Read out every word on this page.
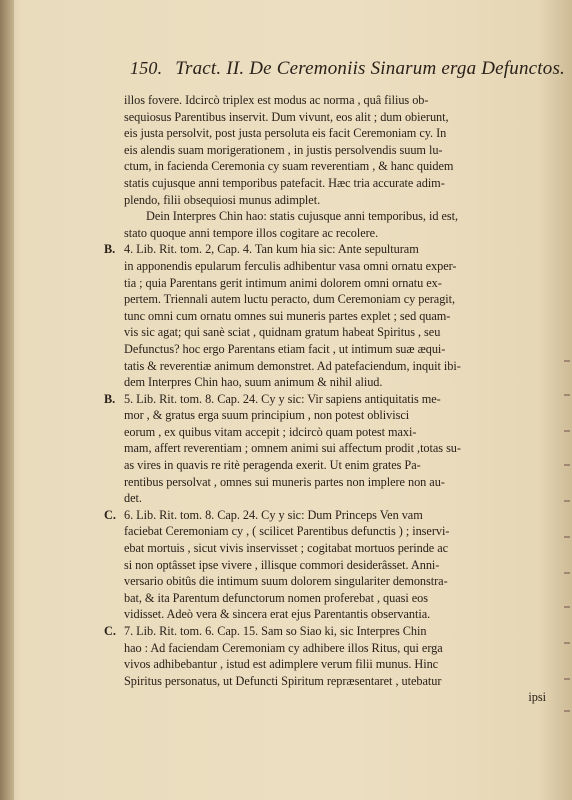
150. Tract. II. De Ceremoniis Sinarum erga Defunctos.
illos fovere. Idcircò triplex est modus ac norma , quâ filius ob-
sequiosus Parentibus inservit. Dum vivunt, eos alit ; dum obierunt,
eis justa persolvit, post justa persoluta eis facit Ceremoniam cy. In
eis alendis suam morigerationem , in justis persolvendis suum lu-
ctum, in facienda Ceremonia cy suam reverentiam , & hanc quidem
statis cujusque anni temporibus patefacit. Hæc tria accurate adim-
plendo, filii obsequiosi munus adimplet.
Dein Interpres Chin hao: statis cujusque anni temporibus, id est,
stato quoque anni tempore illos cogitare ac recolere.
B. 4. Lib. Rit. tom. 2, Cap. 4. Tan kum hia sic: Ante sepulturam
in apponendis epularum ferculis adhibentur vasa omni ornatu exper-
tia ; quia Parentans gerit intimum animi dolorem omni ornatu ex-
pertem. Triennali autem luctu peracto, dum Ceremoniam cy peragit,
tunc omni cum ornatu omnes sui muneris partes explet ; sed quam-
vis sic agat; qui sanè sciat , quidnam gratum habeat Spiritus , seu
Defunctus? hoc ergo Parentans etiam facit , ut intimum suæ æqui-
tatis & reverentiæ animum demonstret. Ad patefaciendum, inquit ibi-
dem Interpres Chin hao, suum animum & nihil aliud.
B. 5. Lib. Rit. tom. 8. Cap. 24. Cy y sic: Vir sapiens antiquitatis me-
mor , & gratus erga suum principium , non potest oblivisci
eorum , ex quibus vitam accepit ; idcircò quam potest maxi-
mam, affert reverentiam ; omnem animi sui affectum prodit ,totas su-
as vires in quavis re ritè peragenda exerit. Ut enim grates Pa-
rentibus persolvat , omnes sui muneris partes non implere non au-
det.
C. 6. Lib. Rit. tom. 8. Cap. 24. Cy y sic: Dum Princeps Ven vam
faciebat Ceremoniam cy , ( scilicet Parentibus defunctis ) ; inservi-
ebat mortuis , sicut vivis inservisset ; cogitabat mortuos perinde ac
si non optâsset ipse vivere , illisque commori desiderâsset. Anni-
versario obitûs die intimum suum dolorem singulariter demonstra-
bat, & ita Parentum defunctorum nomen proferebat , quasi eos
vidisset. Adeò vera & sincera erat ejus Parentantis observantia.
C. 7. Lib. Rit. tom. 6. Cap. 15. Sam so Siao ki, sic Interpres Chin
hao : Ad faciendam Ceremoniam cy adhibere illos Ritus, qui erga
vivos adhibebantur , istud est adimplere verum filii munus. Hinc
Spiritus personatus, ut Defuncti Spiritum repræsentaret , utebatur
ipsi
